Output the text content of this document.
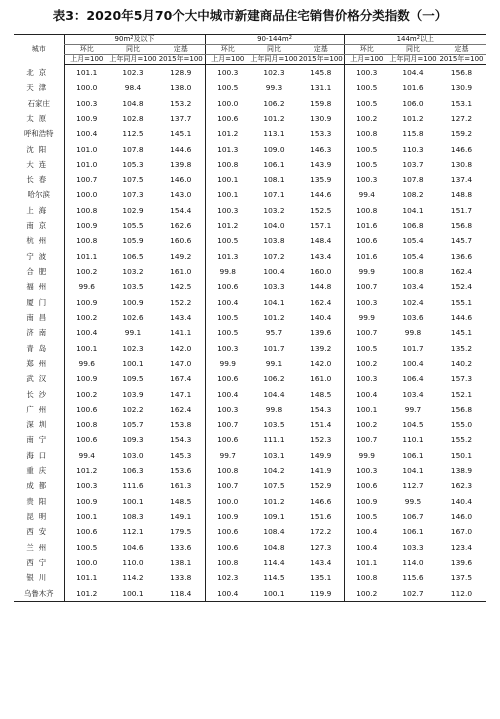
表3：2020年5月70个大中城市新建商品住宅销售价格分类指数（一）
城市	$90m^2$及以下			$90-144m^2$			$144m^2$以上		
	环比	同比	定基	环比	同比	定基	环比	同比	定基
	上月=100	上年同月=100	2015年=100	上月=100	上年同月=100	2015年=100	上月=100	上年同月=100	2015年=100
北京	101.1	102.3	128.9	100.3	102.3	145.8	100.3	104.4	156.8
天津	100.0	98.4	138.0	100.5	99.3	131.1	100.5	101.6	130.9
石家庄	100.3	104.8	153.2	100.0	106.2	159.8	100.5	106.0	153.1
太原	100.9	102.8	137.7	100.6	101.2	130.9	100.2	101.2	127.2
呼和浩特	100.4	112.5	145.1	101.2	113.1	153.3	100.8	115.8	159.2
沈阳	101.0	107.8	144.6	101.3	109.0	146.3	100.5	110.3	146.6
大连	101.0	105.3	139.8	100.8	106.1	143.9	100.5	103.7	130.8
长春	100.7	107.5	146.0	100.1	108.1	135.9	100.3	107.8	137.4
哈尔滨	100.0	107.3	143.0	100.1	107.1	144.6	99.4	108.2	148.8
上海	100.8	102.9	154.4	100.3	103.2	152.5	100.8	104.1	151.7
南京	100.9	105.5	162.6	101.2	104.0	157.1	101.6	106.8	156.8
杭州	100.8	105.9	160.6	100.5	103.8	148.4	100.6	105.4	145.7
宁波	101.1	106.5	149.2	101.3	107.2	143.4	101.6	105.4	136.6
合肥	100.2	103.2	161.0	99.8	100.4	160.0	99.9	100.8	162.4
福州	99.6	103.5	142.5	100.6	103.3	144.8	100.7	103.4	152.4
厦门	100.9	100.9	152.2	100.4	104.1	162.4	100.3	102.4	155.1
南昌	100.2	102.6	143.4	100.5	101.2	140.4	99.9	103.6	144.6
济南	100.4	99.1	141.1	100.5	95.7	139.6	100.7	99.8	145.1
青岛	100.1	102.3	142.0	100.3	101.7	139.2	100.5	101.7	135.2
郑州	99.6	100.1	147.0	99.9	99.1	142.0	100.2	100.4	140.2
武汉	100.9	109.5	167.4	100.6	106.2	161.0	100.3	106.4	157.3
长沙	100.2	103.9	147.1	100.4	104.4	148.5	100.4	103.4	152.1
广州	100.6	102.2	162.4	100.3	99.8	154.3	100.1	99.7	156.8
深圳	100.8	105.7	153.8	100.7	103.5	151.4	100.2	104.5	155.0
南宁	100.6	109.3	154.3	100.6	111.1	152.3	100.7	110.1	155.2
海口	99.4	103.0	145.3	99.7	103.1	149.9	99.9	106.1	150.1
重庆	101.2	106.3	153.6	100.8	104.2	141.9	100.3	104.1	138.9
成都	100.3	111.6	161.3	100.7	107.5	152.9	100.6	112.7	162.3
贵阳	100.9	100.1	148.5	100.0	101.2	146.6	100.9	99.5	140.4
昆明	100.1	108.3	149.1	100.9	109.1	151.6	100.5	106.7	146.0
西安	100.6	112.1	179.5	100.6	108.4	172.2	100.4	106.1	167.0
兰州	100.5	104.6	133.6	100.6	104.8	127.3	100.4	103.3	123.4
西宁	100.0	110.0	138.1	100.8	114.4	143.4	101.1	114.0	139.6
银川	101.1	114.2	133.8	102.3	114.5	135.1	100.8	115.6	137.5
乌鲁木齐	101.2	100.1	118.4	100.4	100.1	119.9	100.2	102.7	112.0
